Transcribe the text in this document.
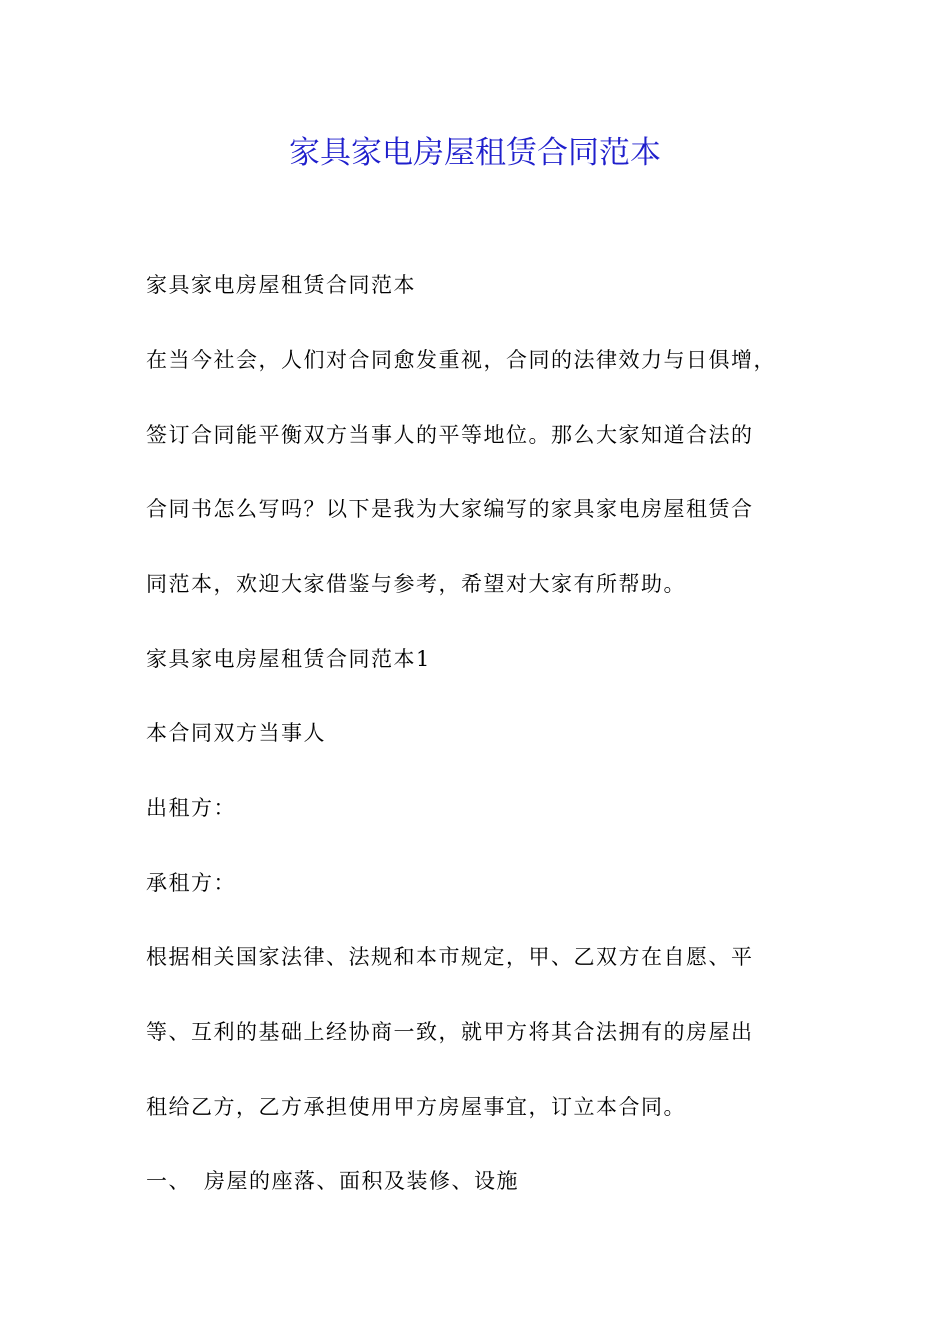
家具家电房屋租赁合同范本
家具家电房屋租赁合同范本
在当今社会，人们对合同愈发重视，合同的法律效力与日俱增，
签订合同能平衡双方当事人的平等地位。那么大家知道合法的
合同书怎么写吗？以下是我为大家编写的家具家电房屋租赁合
同范本，欢迎大家借鉴与参考，希望对大家有所帮助。
家具家电房屋租赁合同范本1
本合同双方当事人
出租方：
承租方：
根据相关国家法律、法规和本市规定，甲、乙双方在自愿、平
等、互利的基础上经协商一致，就甲方将其合法拥有的房屋出
租给乙方，乙方承担使用甲方房屋事宜，订立本合同。
一、 房屋的座落、面积及装修、设施
